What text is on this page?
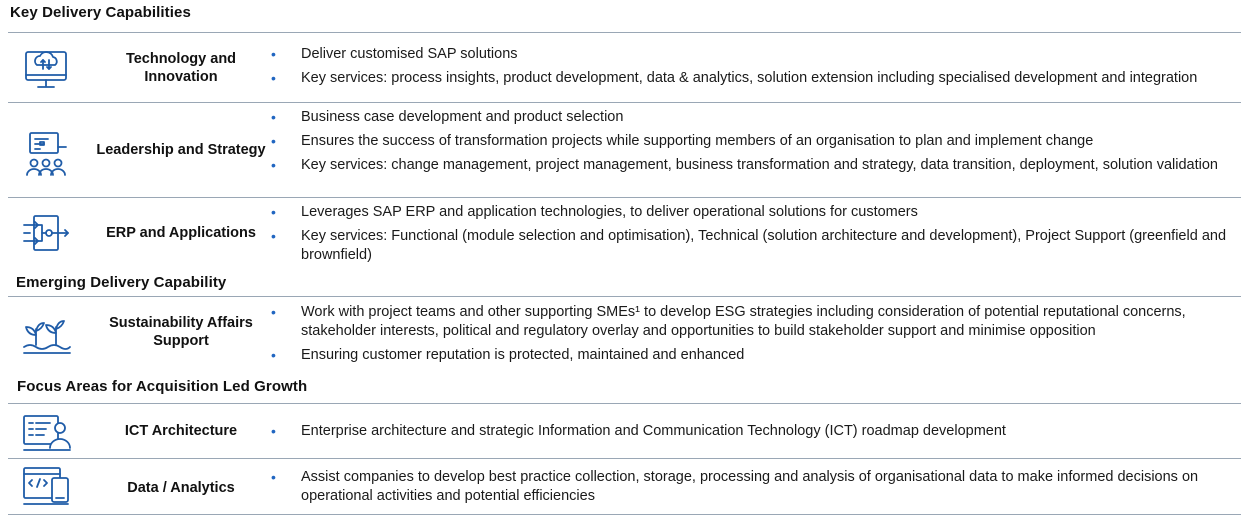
Key Delivery Capabilities
Technology and Innovation
• Deliver customised SAP solutions
• Key services: process insights, product development, data & analytics, solution extension including specialised development and integration
Leadership and Strategy
• Business case development and product selection
• Ensures the success of transformation projects while supporting members of an organisation to plan and implement change
• Key services: change management, project management, business transformation and strategy, data transition, deployment, solution validation
ERP and Applications
• Leverages SAP ERP and application technologies, to deliver operational solutions for customers
• Key services: Functional (module selection and optimisation), Technical (solution architecture and development), Project Support (greenfield and brownfield)
Emerging Delivery Capability
Sustainability Affairs Support
• Work with project teams and other supporting SMEs¹ to develop ESG strategies including consideration of potential reputational concerns, stakeholder interests, political and regulatory overlay and opportunities to build stakeholder support and minimise opposition
• Ensuring customer reputation is protected, maintained and enhanced
Focus Areas for Acquisition Led Growth
ICT Architecture
•	Enterprise architecture and strategic Information and Communication Technology (ICT) roadmap development
Data / Analytics
• Assist companies to develop best practice collection, storage, processing and analysis of organisational data to make informed decisions on operational activities and potential efficiencies
